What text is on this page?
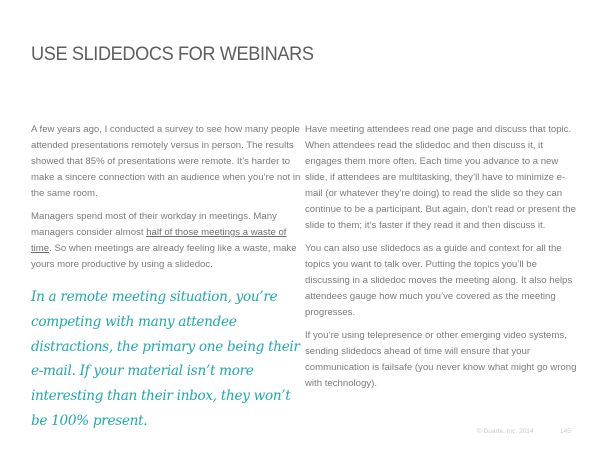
USE SLIDEDOCS FOR WEBINARS

A few years ago, I conducted a survey to see how many people attended presentations remotely versus in person. The results showed that 85% of presentations were remote. It’s harder to make a sincere connection with an audience when you’re not in the same room.

Managers spend most of their workday in meetings. Many managers consider almost half of those meetings a waste of time. So when meetings are already feeling like a waste, make yours more productive by using a slidedoc.

In a remote meeting situation, you’re competing with many attendee distractions, the primary one being their e-mail. If your material isn’t more interesting than their inbox, they won’t be 100% present.

Have meeting attendees read one page and discuss that topic. When attendees read the slidedoc and then discuss it, it engages them more often. Each time you advance to a new slide, if attendees are multitasking, they’ll have to minimize e-mail (or whatever they’re doing) to read the slide so they can continue to be a participant. But again, don’t read or present the slide to them; it’s faster if they read it and then discuss it.

You can also use slidedocs as a guide and context for all the topics you want to talk over. Putting the topics you’ll be discussing in a slidedoc moves the meeting along. It also helps attendees gauge how much you’ve covered as the meeting progresses.

If you’re using telepresence or other emerging video systems, sending slidedocs ahead of time will ensure that your communication is failsafe (you never know what might go wrong with technology).

© Duarte, Inc. 2014	145
